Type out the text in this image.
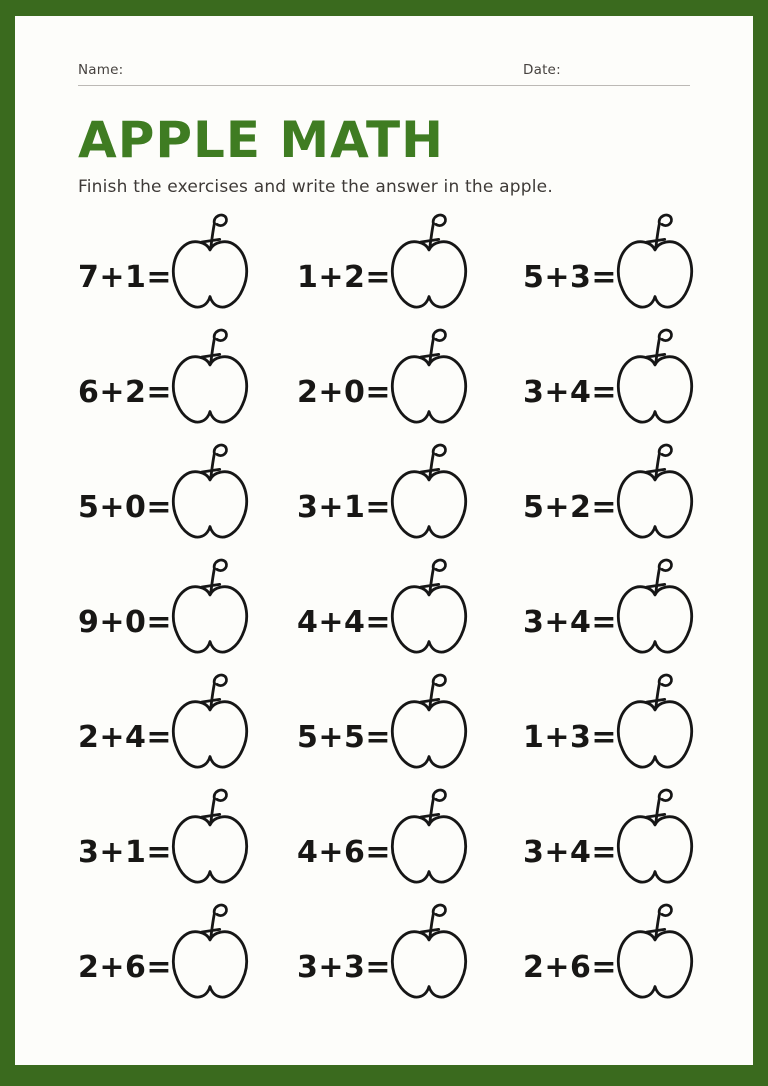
Name:	Date:
APPLE MATH
Finish the exercises and write the answer in the apple.
7+1=	1+2=	5+3=
6+2=	2+0=	3+4=
5+0=	3+1=	5+2=
9+0=	4+4=	3+4=
2+4=	5+5=	1+3=
3+1=	4+6=	3+4=
2+6=	3+3=	2+6=
